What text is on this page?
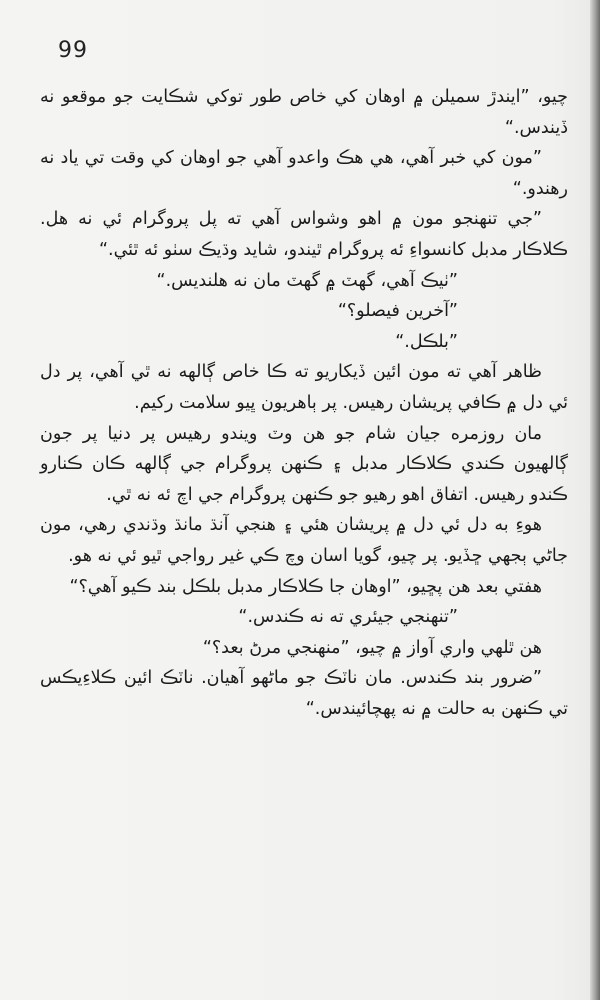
99

چيو، ”ايندڙ سميلن ۾ اوهان کي خاص طور توکي شڪايت جو موقعو نه ڏيندس.“

”مون کي خبر آهي، هي هڪ واعدو آهي جو اوهان کي وقت تي ياد نه رهندو.“

”جي تنهنجو مون ۾ اهو وشواس آهي ته پل پروگرام ئي نه هل. ڪلاڪار مدبل کانسواءِ ئه پروگرام ٿيندو، شايد وڌيڪ سٺو ئه ٿئي.“

”ٺيڪ آهي، گهٽ ۾ گهٽ مان نه هلنديس.“

”آخرين فيصلو؟“

”بلڪل.“

ظاهر آهي ته مون ائين ڏيکاريو ته ڪا خاص ڳالهه نه ٿي آهي، پر دل ئي دل ۾ ڪافي پريشان رهيس. پر ٻاهريون ڀيو سلامت رکيم.

مان روزمره جيان شام جو هن وٽ ويندو رهيس پر دنيا پر جون ڳالهيون ڪندي ڪلاڪار مدبل ۽ ڪنهن پروگرام جي ڳالهه ڪان ڪنارو ڪندو رهيس. اتفاق اهو رهيو جو ڪنهن پروگرام جي اچ ئه نه ٿي.

هوءِ به دل ئي دل ۾ پريشان هئي ۽ هنجي آنڌ مانڌ وڌندي رهي، مون جاڻي ٻجهي ڇڏيو. پر چيو، گويا اسان وچ ڪي غير رواجي ٿيو ئي نه هو.

هفتي بعد هن پڇيو، ”اوهان جا ڪلاڪار مدبل بلڪل بند ڪيو آهي؟“

”تنهنجي جيئري ته نه ڪندس.“

هن ٿلهي واري آواز ۾ چيو، ”منهنجي مرڻ بعد؟“

”ضرور بند ڪندس. مان ناٽڪ جو ماڻهو آهيان. ناٽڪ ائين ڪلاءِيڪس تي ڪنهن به حالت ۾ نه پهچائيندس.“
